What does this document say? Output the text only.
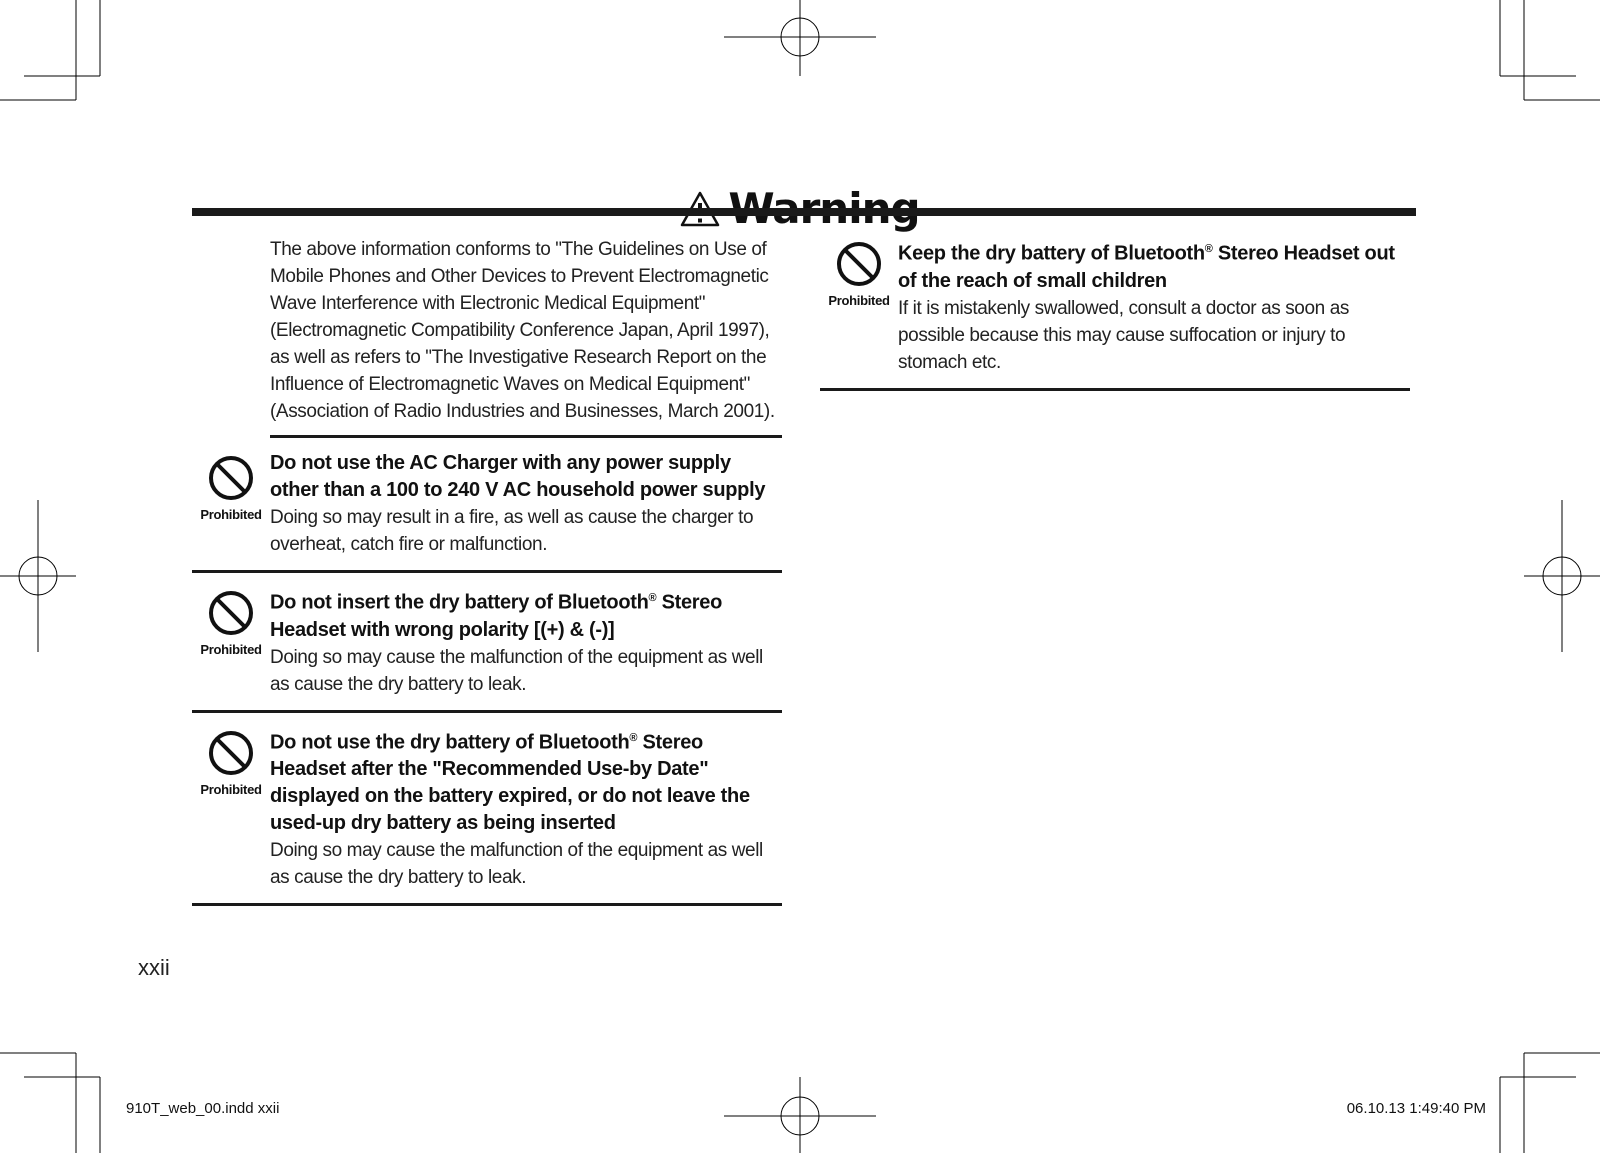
The above information conforms to "The Guidelines on Use of Mobile Phones and Other Devices to Prevent Electromagnetic Wave Interference with Electronic Medical Equipment" (Electromagnetic Compatibility Conference Japan, April 1997), as well as refers to "The Investigative Research Report on the Influence of Electromagnetic Waves on Medical Equipment" (Association of Radio Industries and Businesses, March 2001).
Prohibited
Do not use the AC Charger with any power supply other than a 100 to 240 V AC household power supply
Doing so may result in a fire, as well as cause the charger to overheat, catch fire or malfunction.
Prohibited
Do not insert the dry battery of Bluetooth® Stereo Headset with wrong polarity [(+) & (-)]
Doing so may cause the malfunction of the equipment as well as cause the dry battery to leak.
Prohibited
Do not use the dry battery of Bluetooth® Stereo Headset after the "Recommended Use-by Date" displayed on the battery expired, or do not leave the used-up dry battery as being inserted
Doing so may cause the malfunction of the equipment as well as cause the dry battery to leak.
Prohibited
Keep the dry battery of Bluetooth® Stereo Headset out of the reach of small children
If it is mistakenly swallowed, consult a doctor as soon as possible because this may cause suffocation or injury to stomach etc.
xxii
910T_web_00.indd xxii	06.10.13 1:49:40 PM
